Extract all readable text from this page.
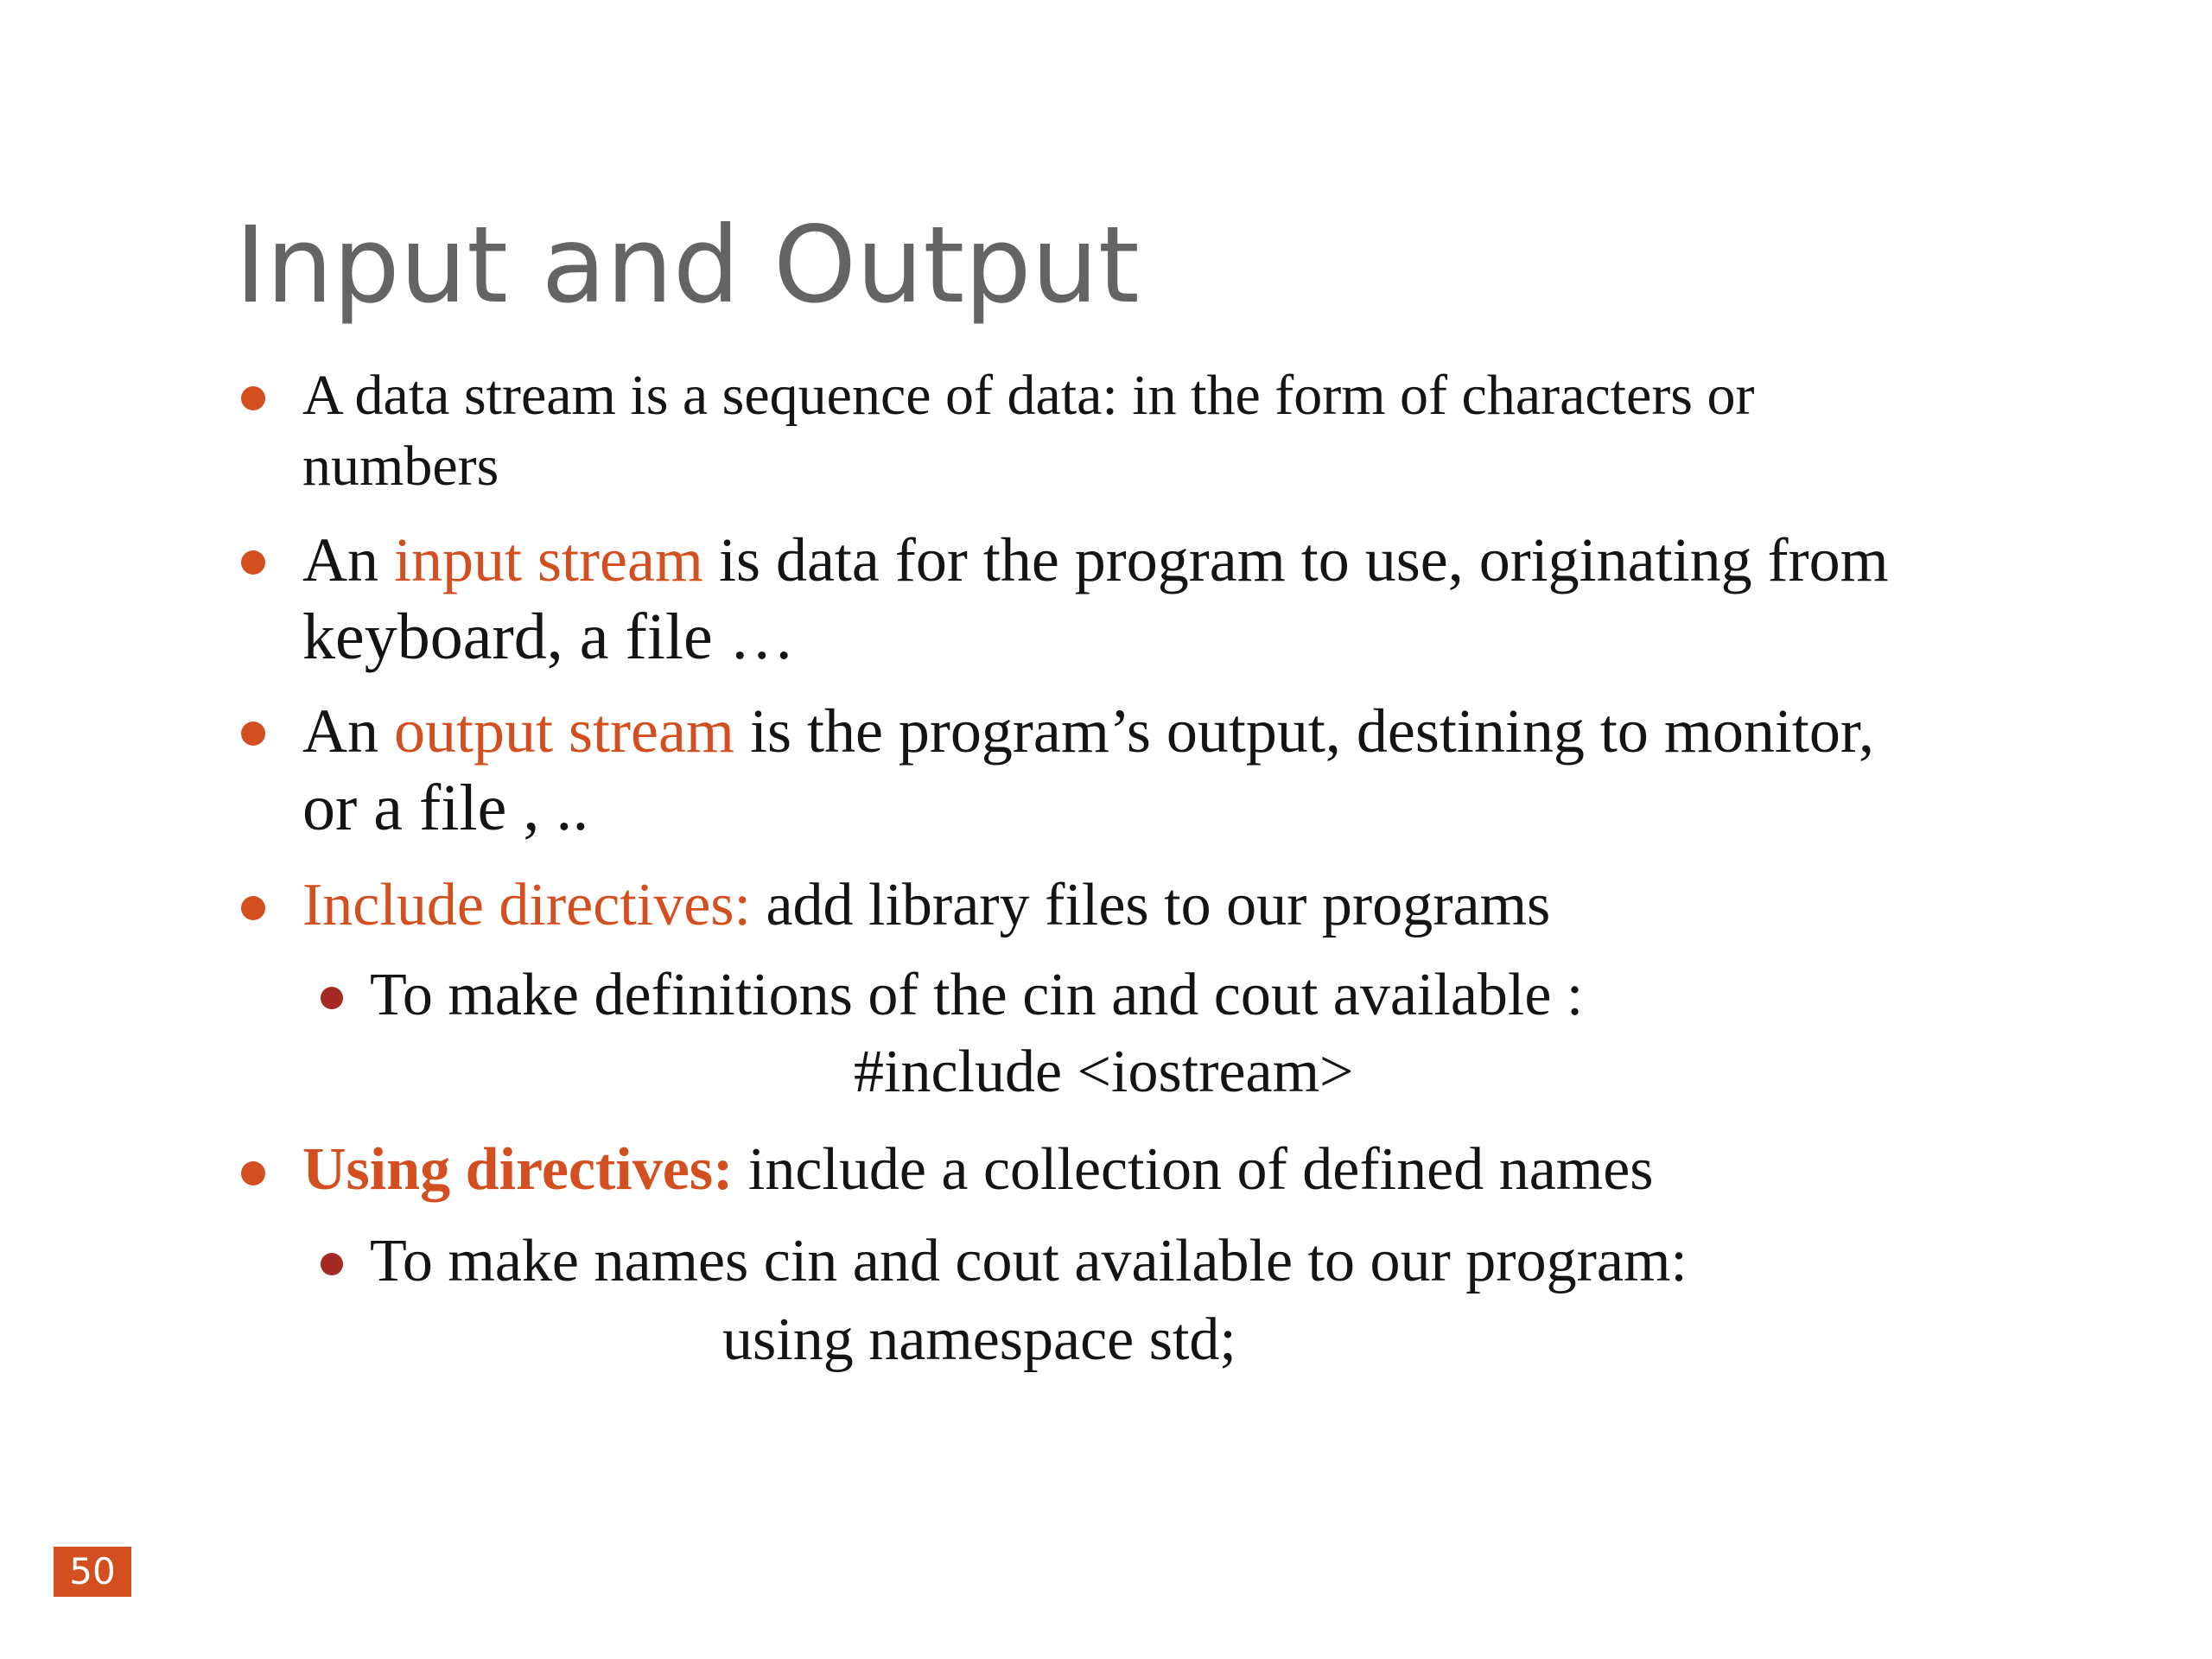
Input and Output

A data stream is a sequence of data: in the form of characters or

numbers

An input stream is data for the program to use, originating from

keyboard, a file …

An output stream is the program’s output, destining to monitor,

or a file , ..

Include directives: add library files to our programs

To make definitions of the cin and cout available :

#include <iostream>

Using directives: include a collection of defined names

To make names cin and cout available to our program:

using namespace std;

50
